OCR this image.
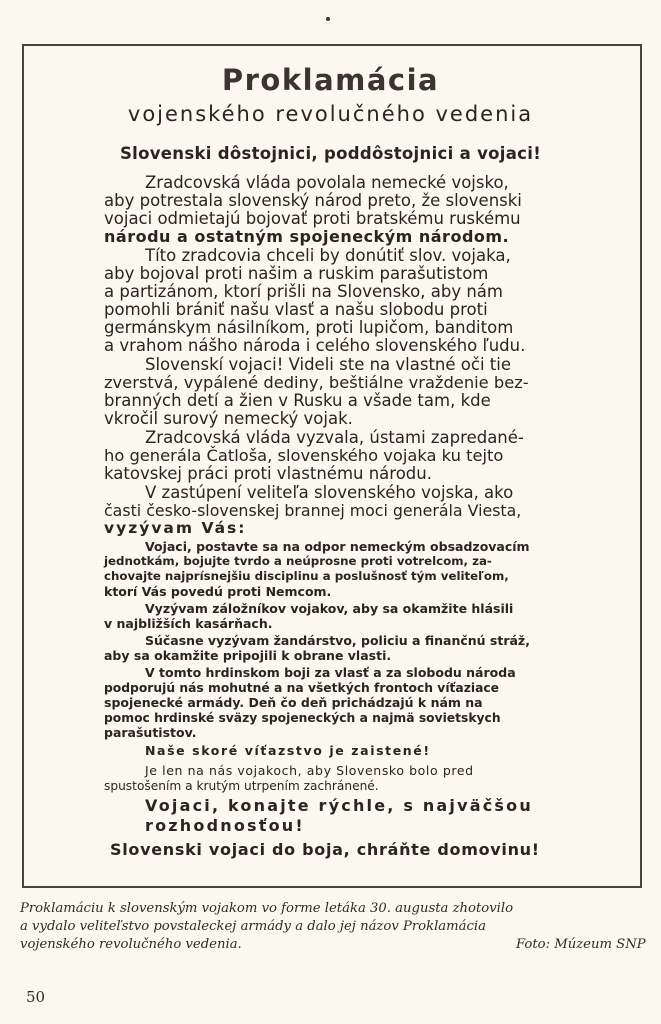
Proklamácia
vojenského revolučného vedenia
Slovenski dôstojnici, poddôstojnici a vojaci!
Zradcovská vláda povolala nemecké vojsko,
aby potrestala slovenský národ preto, že slovenski
vojaci odmietajú bojovať proti bratskému ruskému
národu a ostatným spojeneckým národom.
Títo zradcovia chceli by donútiť slov. vojaka,
aby bojoval proti našim a ruskim parašutistom
a partizánom, ktorí prišli na Slovensko, aby nám
pomohli brániť našu vlasť a našu slobodu proti
germánskym násilníkom, proti lupičom, banditom
a vrahom nášho národa i celého slovenského ľudu.
Slovenskí vojaci! Videli ste na vlastné oči tie
zverstvá, vypálené dediny, beštiálne vraždenie bez-
branných detí a žien v Rusku a všade tam, kde
vkročil surový nemecký vojak.
Zradcovská vláda vyzvala, ústami zapredané-
ho generála Čatloša, slovenského vojaka ku tejto
katovskej práci proti vlastnému národu.
V zastúpení veliteľa slovenského vojska, ako
časti česko-slovenskej brannej moci generála Viesta,
vyzývam Vás:
Vojaci, postavte sa na odpor nemeckým obsadzovacím
jednotkám, bojujte tvrdo a neúprosne proti votrelcom, za-
chovajte najprísnejšiu disciplinu a poslušnosť tým veliteľom,
ktorí Vás povedú proti Nemcom.
Vyzývam záložníkov vojakov, aby sa okamžite hlásili
v najbližších kasárňach.
Súčasne vyzývam žandárstvo, policiu a finančnú stráž,
aby sa okamžite pripojili k obrane vlasti.
V tomto hrdinskom boji za vlasť a za slobodu národa
podporujú nás mohutné a na všetkých frontoch víťaziace
spojenecké armády. Deň čo deň prichádzajú k nám na
pomoc hrdinské sväzy spojeneckých a najmä sovietskych
parašutistov.
Naše skoré víťazstvo je zaistené!
Je len na nás vojakoch, aby Slovensko bolo pred
spustošením a krutým utrpením zachránené.
Vojaci, konajte rýchle, s najväčšou
rozhodnosťou!
Slovenski vojaci do boja, chráňte domovinu!
Proklamáciu k slovenským vojakom vo forme letáka 30. augusta zhotovilo
a vydalo veliteľstvo povstaleckej armády a dalo jej názov Proklamácia
vojenského revolučného vedenia.	Foto: Múzeum SNP
50
